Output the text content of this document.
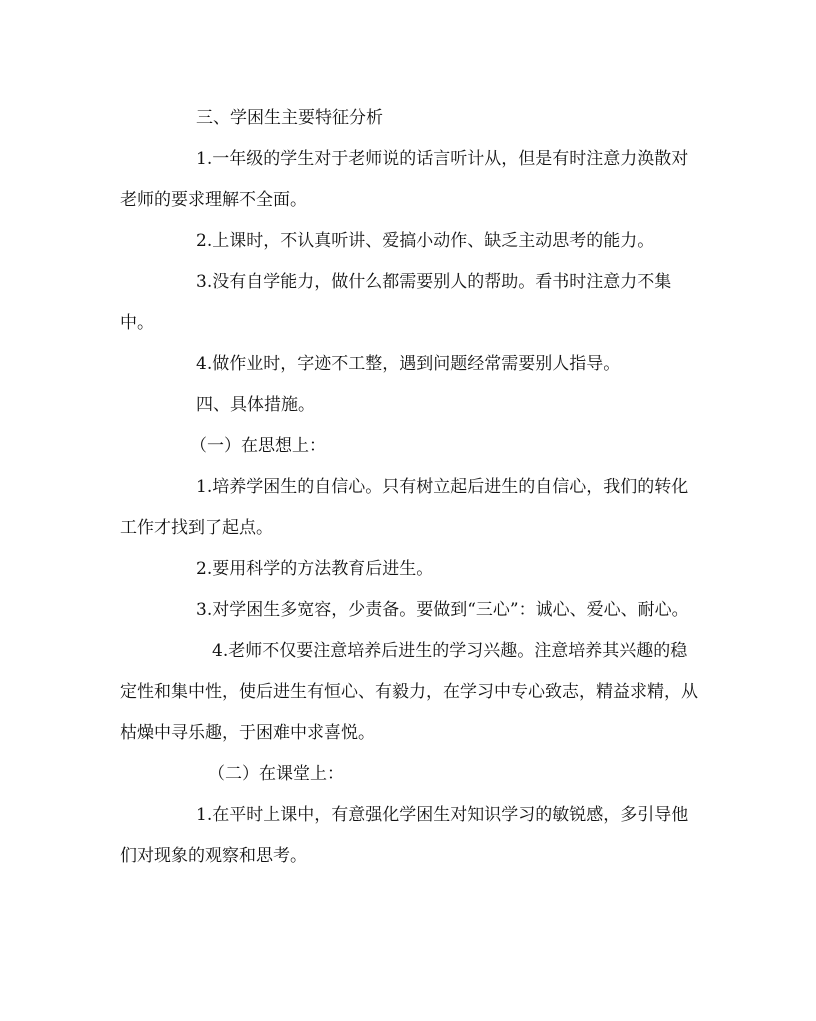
三、学困生主要特征分析

1.一年级的学生对于老师说的话言听计从，但是有时注意力涣散对老师的要求理解不全面。

2.上课时，不认真听讲、爱搞小动作、缺乏主动思考的能力。

3.没有自学能力，做什么都需要别人的帮助。看书时注意力不集中。

4.做作业时，字迹不工整，遇到问题经常需要别人指导。

四、具体措施。

（一）在思想上：

1.培养学困生的自信心。只有树立起后进生的自信心，我们的转化工作才找到了起点。

2.要用科学的方法教育后进生。

3.对学困生多宽容，少责备。要做到“三心”：诚心、爱心、耐心。

4.老师不仅要注意培养后进生的学习兴趣。注意培养其兴趣的稳定性和集中性，使后进生有恒心、有毅力，在学习中专心致志，精益求精，从枯燥中寻乐趣，于困难中求喜悦。

（二）在课堂上：

1.在平时上课中，有意强化学困生对知识学习的敏锐感，多引导他们对现象的观察和思考。
